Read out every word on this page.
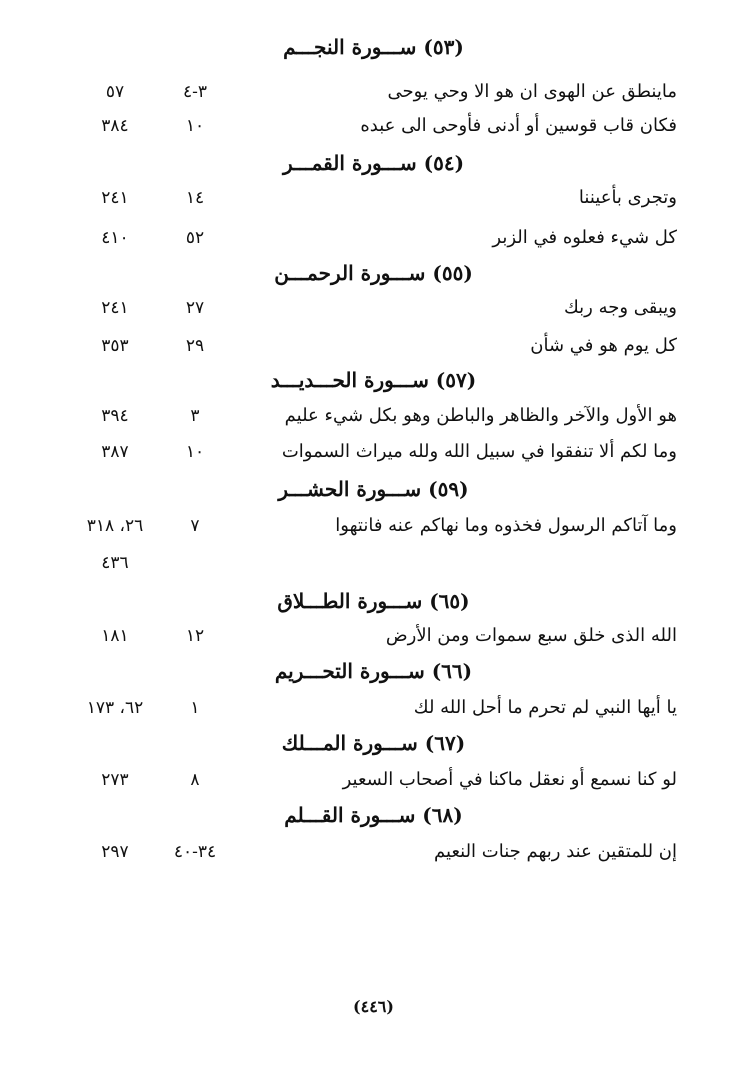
(٥٣) ســـورة النجـــم
ماينطق عن الهوى ان هو الا وحي يوحى
٣-٤
٥٧
فكان قاب قوسين أو أدنى فأوحى الى عبده
١٠
٣٨٤
(٥٤) ســـورة القمـــر
وتجرى بأعيننا
١٤
٢٤١
كل شيء فعلوه في الزبر
٥٢
٤١٠
(٥٥) ســـورة الرحمـــن
ويبقى وجه ربك
٢٧
٢٤١
كل يوم هو في شأن
٢٩
٣٥٣
(٥٧) ســـورة الحـــديـــد
هو الأول والآخر والظاهر والباطن وهو بكل شيء عليم
٣
٣٩٤
وما لكم ألا تنفقوا في سبيل الله ولله ميراث السموات
١٠
٣٨٧
(٥٩) ســـورة الحشـــر
وما آتاكم الرسول فخذوه وما نهاكم عنه فانتهوا
٧
٢٦، ٣١٨
٤٣٦
(٦٥) ســـورة الطـــلاق
الله الذى خلق سبع سموات ومن الأرض
١٢
١٨١
(٦٦) ســـورة التحـــريم
يا أيها النبي لم تحرم ما أحل الله لك
١
٦٢، ١٧٣
(٦٧) ســـورة المـــلك
لو كنا نسمع أو نعقل ماكنا في أصحاب السعير
٨
٢٧٣
(٦٨) ســـورة القـــلم
إن للمتقين عند ربهم جنات النعيم
٣٤-٤٠
٢٩٧
(٤٤٦)
